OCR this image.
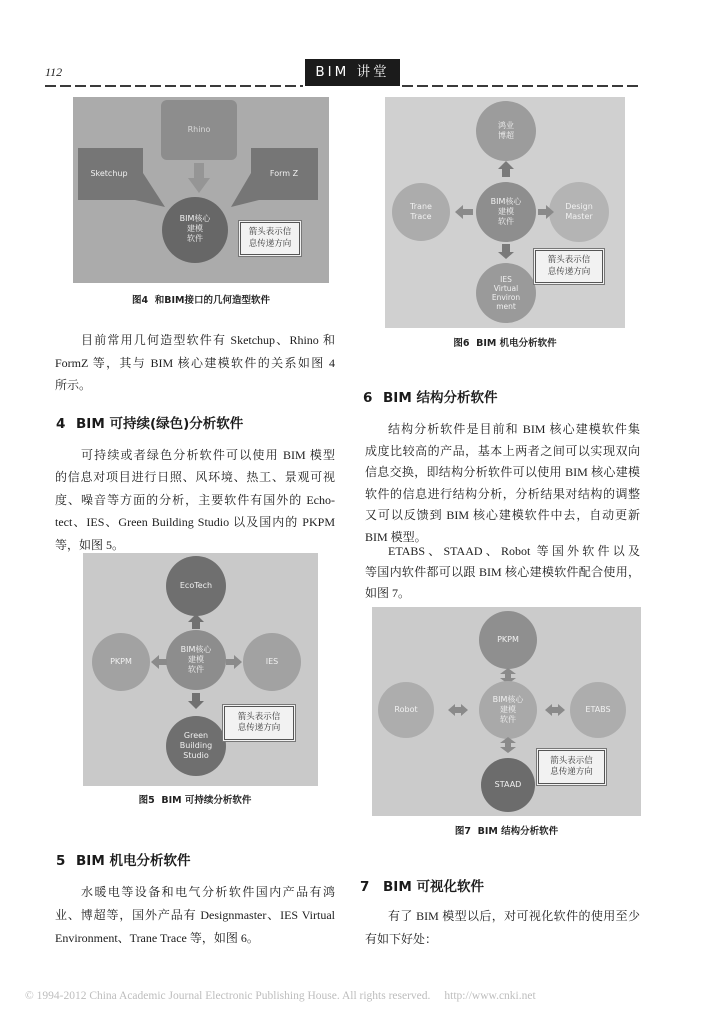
112	BIM 讲堂
Rhino
Sketchup	Form Z
BIM核心
建模
软件
箭头表示信
息传递方向
图4  和BIM接口的几何造型软件
目前常用几何造型软件有 Sketchup、Rhino 和
FormZ 等，其与 BIM 核心建模软件的关系如图 4
所示。
4 BIM 可持续(绿色)分析软件
可持续或者绿色分析软件可以使用 BIM 模型
的信息对项目进行日照、风环境、热工、景观可视
度、噪音等方面的分析，主要软件有国外的 Echo-
tect、IES、Green Building Studio 以及国内的 PKPM
等，如图 5。
EcoTech
BIM核心
建模
软件
PKPM	IES
Green
Building
Studio
箭头表示信
息传递方向
图5  BIM 可持续分析软件
5 BIM 机电分析软件
水暖电等设备和电气分析软件国内产品有鸿
业、博超等，国外产品有 Designmaster、IES Virtual
Environment、Trane Trace 等，如图 6。
鸿业
博超
BIM核心
建模
软件
Trane
Trace
Design
Master
IES
Virtual
Environ
ment
箭头表示信
息传递方向
图6  BIM 机电分析软件
6 BIM 结构分析软件
结构分析软件是目前和 BIM 核心建模软件集
成度比较高的产品，基本上两者之间可以实现双向
信息交换，即结构分析软件可以使用 BIM 核心建模
软件的信息进行结构分析，分析结果对结构的调整
又可以反馈到 BIM 核心建模软件中去，自动更新
BIM 模型。
ETABS、STAAD、Robot 等国外软件以及
等国内软件都可以跟 BIM 核心建模软件配合使用，
如图 7。
PKPM
BIM核心
建模
软件
Robot	ETABS
STAAD
箭头表示信
息传递方向
图7  BIM 结构分析软件
7 BIM 可视化软件
有了 BIM 模型以后，对可视化软件的使用至少
有如下好处：
© 1994-2012 China Academic Journal Electronic Publishing House. All rights reserved. http://www.cnki.net
